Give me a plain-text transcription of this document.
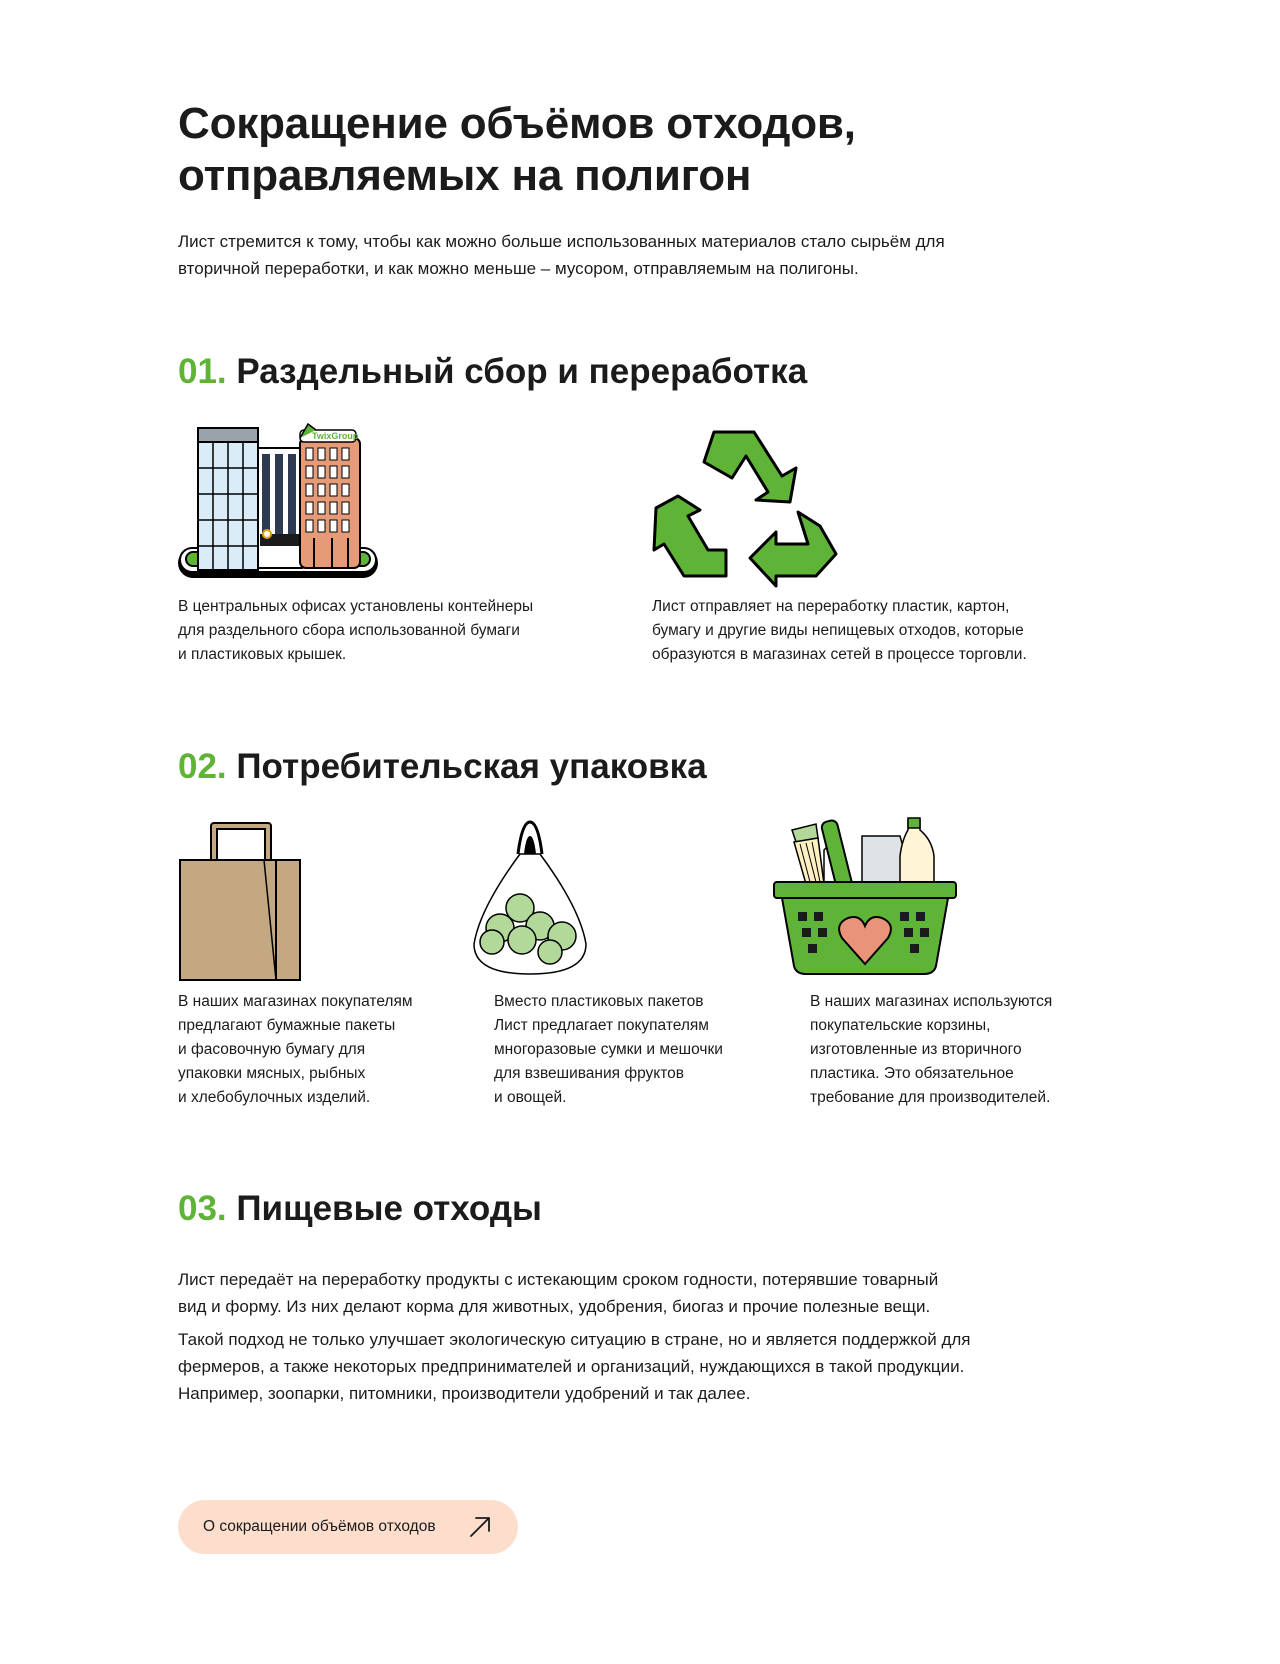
Сокращение объёмов отходов,
отправляемых на полигон

Лист стремится к тому, чтобы как можно больше использованных материалов стало сырьём для
вторичной переработки, и как можно меньше – мусором, отправляемым на полигоны.

01. Раздельный сбор и переработка
TwixGroup

В центральных офисах установлены контейнеры
для раздельного сбора использованной бумаги
и пластиковых крышек.

Лист отправляет на переработку пластик, картон,
бумагу и другие виды непищевых отходов, которые
образуются в магазинах сетей в процессе торговли.

02. Потребительская упаковка

В наших магазинах покупателям
предлагают бумажные пакеты
и фасовочную бумагу для
упаковки мясных, рыбных
и хлебобулочных изделий.

Вместо пластиковых пакетов
Лист предлагает покупателям
многоразовые сумки и мешочки
для взвешивания фруктов
и овощей.

В наших магазинах используются
покупательские корзины,
изготовленные из вторичного
пластика. Это обязательное
требование для производителей.

03. Пищевые отходы

Лист передаёт на переработку продукты с истекающим сроком годности, потерявшие товарный
вид и форму. Из них делают корма для животных, удобрения, биогаз и прочие полезные вещи.

Такой подход не только улучшает экологическую ситуацию в стране, но и является поддержкой для
фермеров, а также некоторых предпринимателей и организаций, нуждающихся в такой продукции.
Например, зоопарки, питомники, производители удобрений и так далее.

О сокращении объёмов отходов
